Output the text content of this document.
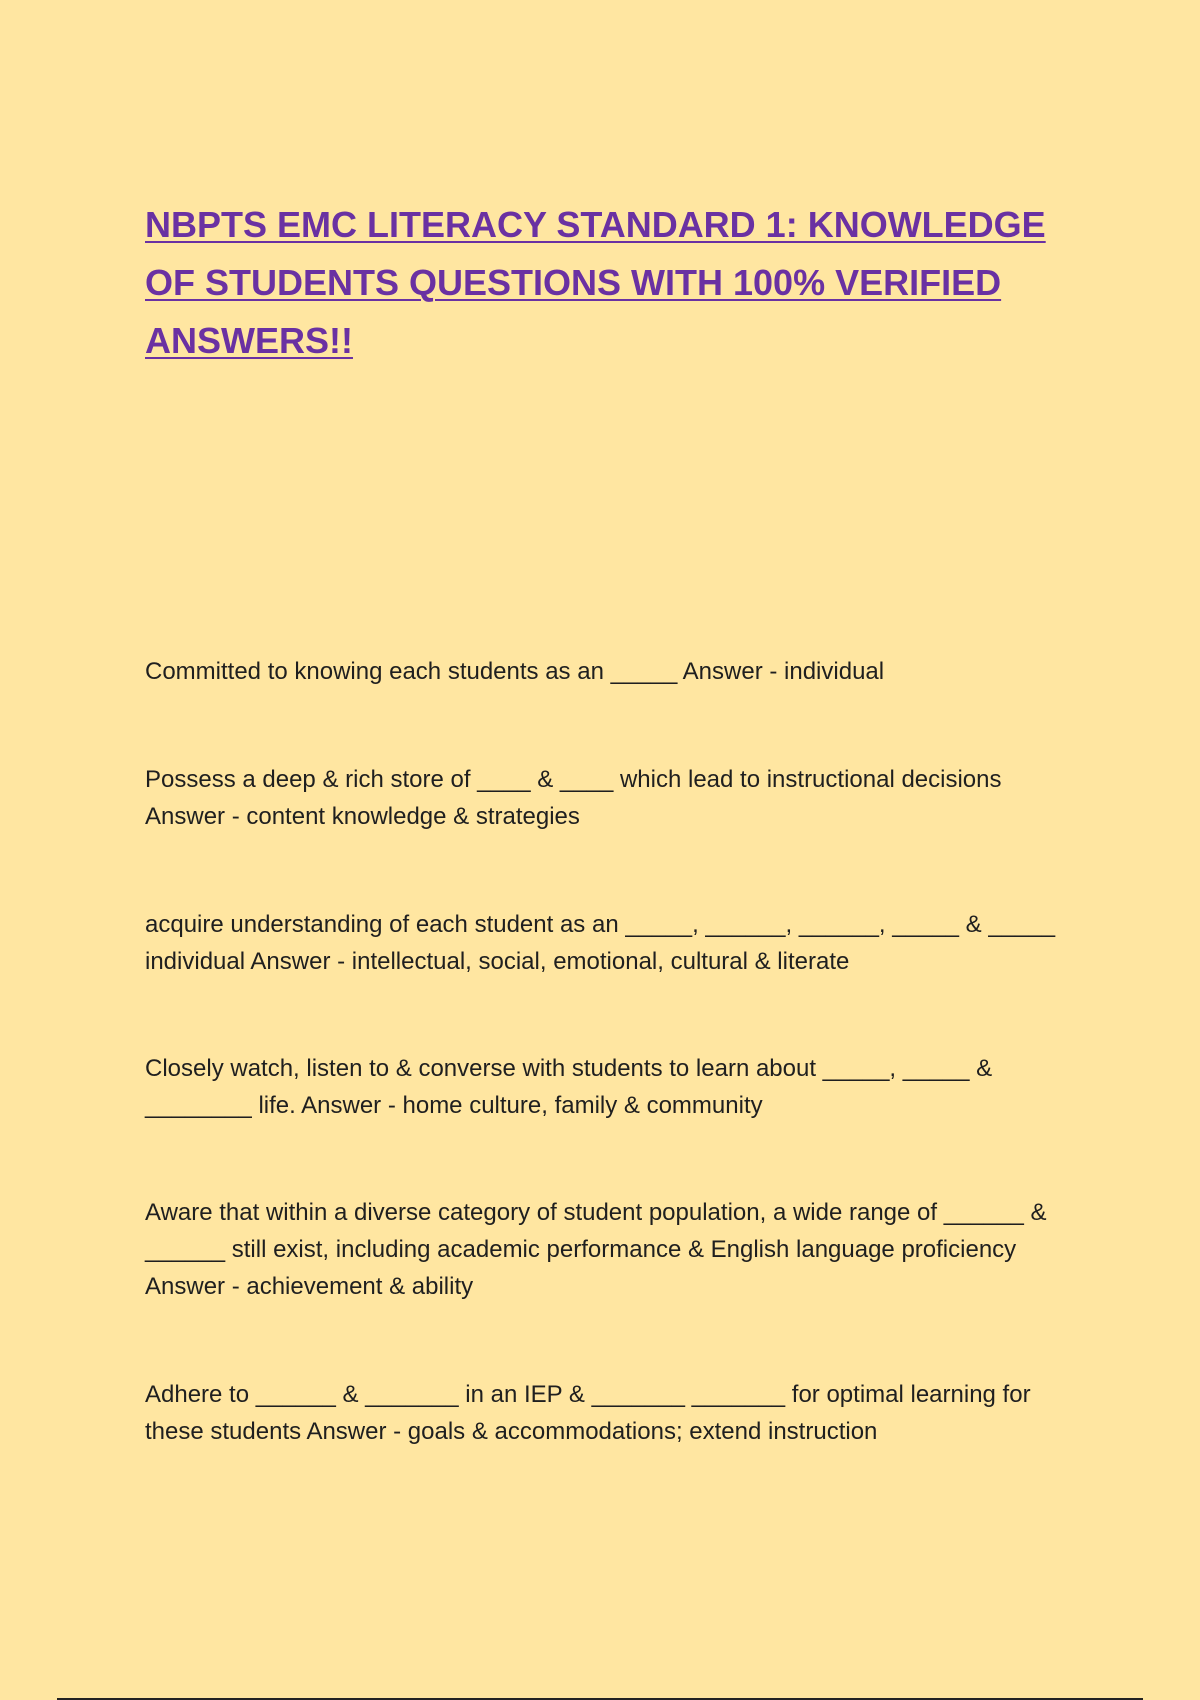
NBPTS EMC LITERACY STANDARD 1: KNOWLEDGE OF STUDENTS QUESTIONS WITH 100% VERIFIED ANSWERS!!

Committed to knowing each students as an _____ Answer - individual

Possess a deep & rich store of ____ & ____ which lead to instructional decisions Answer - content knowledge & strategies

acquire understanding of each student as an _____, ______, ______, _____ & _____ individual Answer - intellectual, social, emotional, cultural & literate

Closely watch, listen to & converse with students to learn about _____, _____ & ________ life. Answer - home culture, family & community

Aware that within a diverse category of student population, a wide range of ______ & ______ still exist, including academic performance & English language proficiency Answer - achievement & ability

Adhere to ______ & _______ in an IEP & _______ _______ for optimal learning for these students Answer - goals & accommodations; extend instruction
